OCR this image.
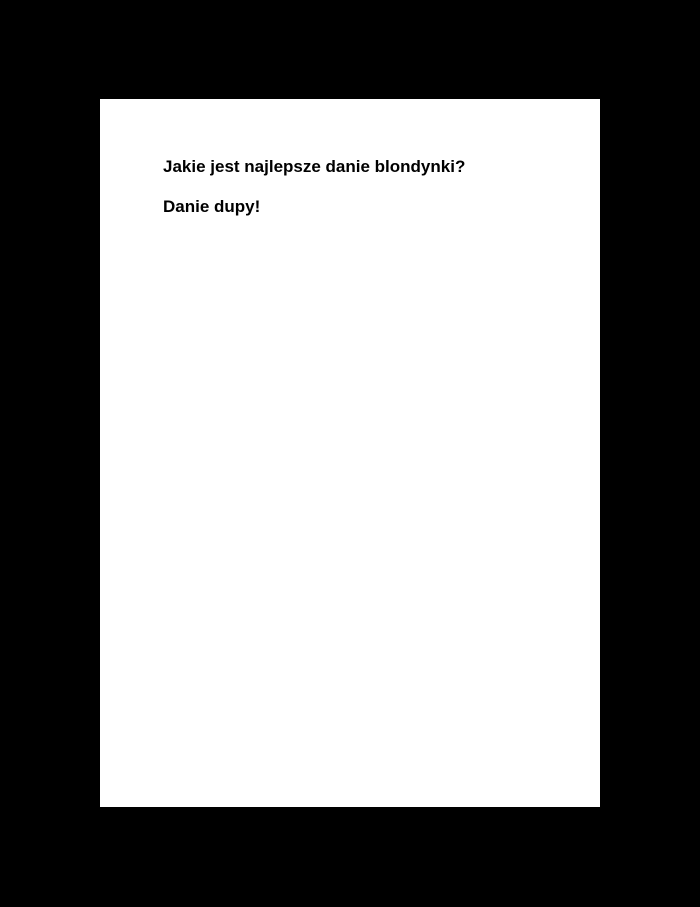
Jakie jest najlepsze danie blondynki?

Danie dupy!
